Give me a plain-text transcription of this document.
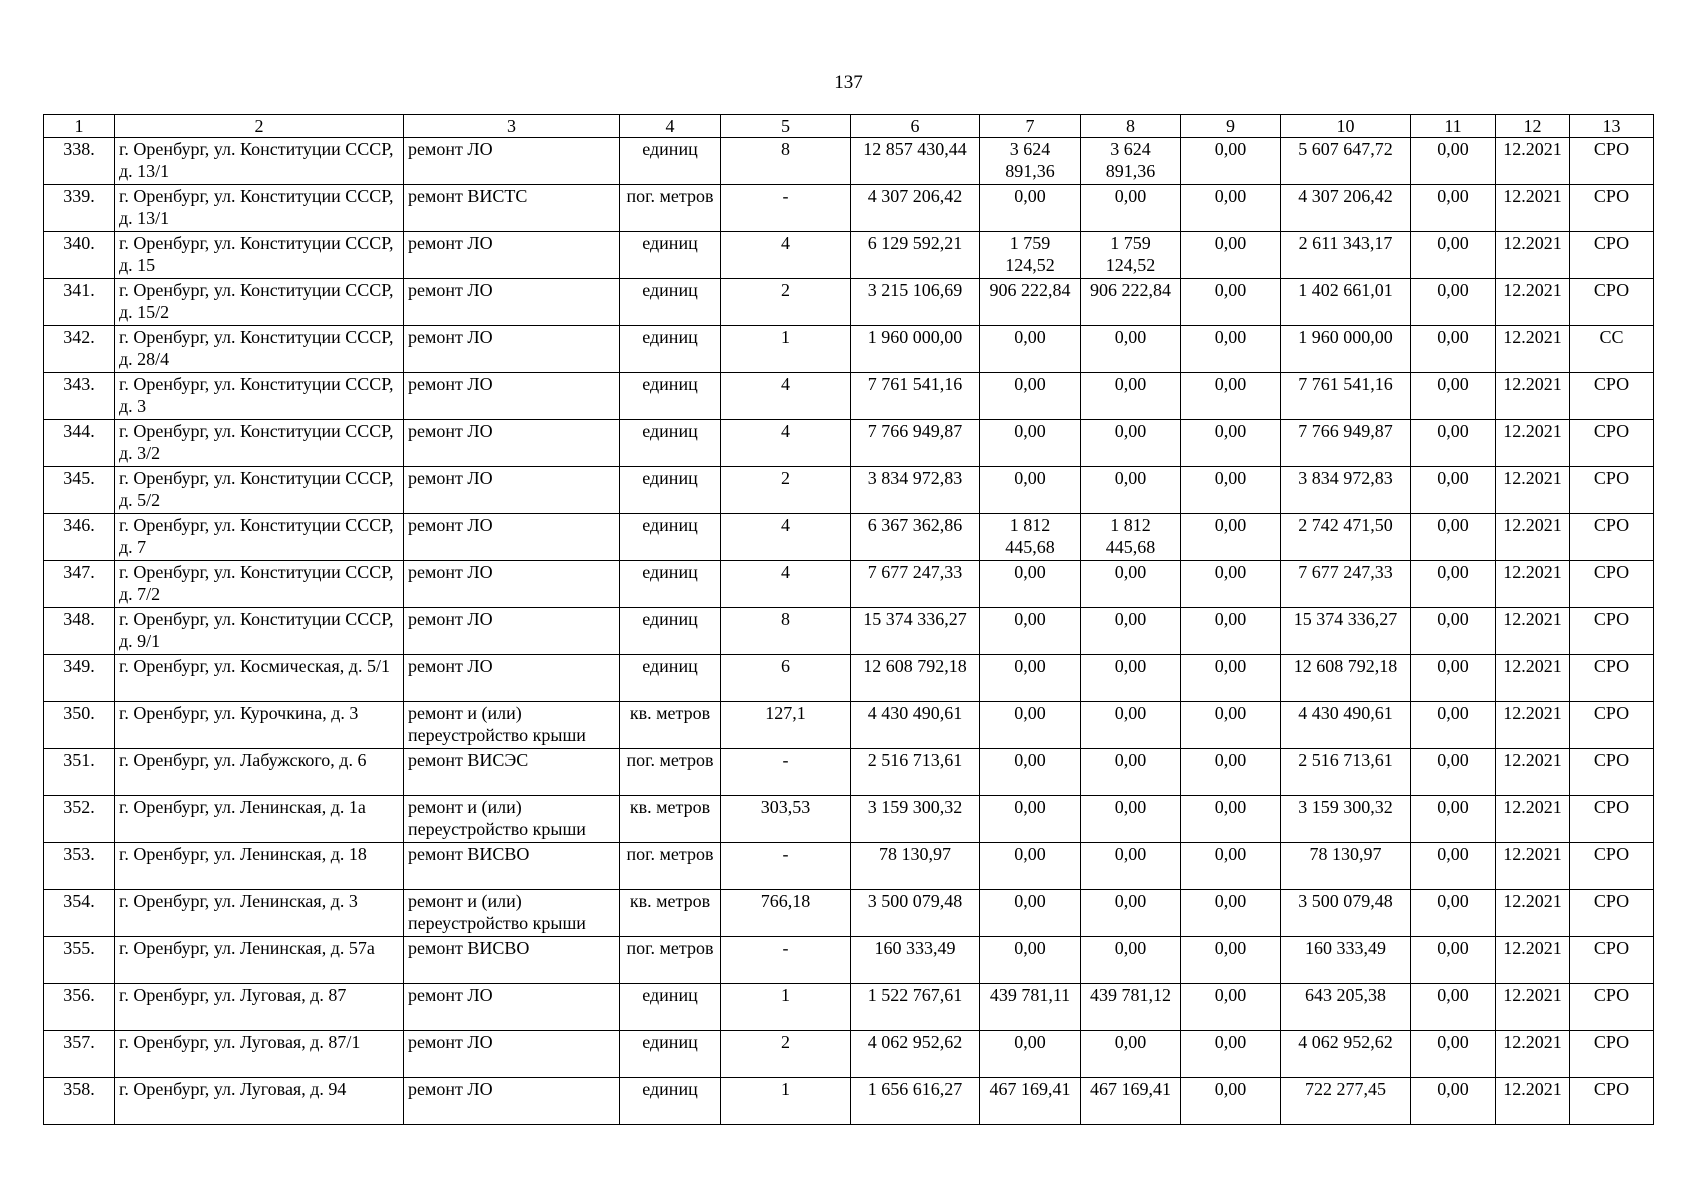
137
1	2	3	4	5	6	7	8	9	10	11	12	13
338.	г. Оренбург, ул. Конституции СССР, д. 13/1	ремонт ЛО	единиц	8	12 857 430,44	3 624 891,36	3 624 891,36	0,00	5 607 647,72	0,00	12.2021	СРО
339.	г. Оренбург, ул. Конституции СССР, д. 13/1	ремонт ВИСТС	пог. метров	-	4 307 206,42	0,00	0,00	0,00	4 307 206,42	0,00	12.2021	СРО
340.	г. Оренбург, ул. Конституции СССР, д. 15	ремонт ЛО	единиц	4	6 129 592,21	1 759 124,52	1 759 124,52	0,00	2 611 343,17	0,00	12.2021	СРО
341.	г. Оренбург, ул. Конституции СССР, д. 15/2	ремонт ЛО	единиц	2	3 215 106,69	906 222,84	906 222,84	0,00	1 402 661,01	0,00	12.2021	СРО
342.	г. Оренбург, ул. Конституции СССР, д. 28/4	ремонт ЛО	единиц	1	1 960 000,00	0,00	0,00	0,00	1 960 000,00	0,00	12.2021	СС
343.	г. Оренбург, ул. Конституции СССР, д. 3	ремонт ЛО	единиц	4	7 761 541,16	0,00	0,00	0,00	7 761 541,16	0,00	12.2021	СРО
344.	г. Оренбург, ул. Конституции СССР, д. 3/2	ремонт ЛО	единиц	4	7 766 949,87	0,00	0,00	0,00	7 766 949,87	0,00	12.2021	СРО
345.	г. Оренбург, ул. Конституции СССР, д. 5/2	ремонт ЛО	единиц	2	3 834 972,83	0,00	0,00	0,00	3 834 972,83	0,00	12.2021	СРО
346.	г. Оренбург, ул. Конституции СССР, д. 7	ремонт ЛО	единиц	4	6 367 362,86	1 812 445,68	1 812 445,68	0,00	2 742 471,50	0,00	12.2021	СРО
347.	г. Оренбург, ул. Конституции СССР, д. 7/2	ремонт ЛО	единиц	4	7 677 247,33	0,00	0,00	0,00	7 677 247,33	0,00	12.2021	СРО
348.	г. Оренбург, ул. Конституции СССР, д. 9/1	ремонт ЛО	единиц	8	15 374 336,27	0,00	0,00	0,00	15 374 336,27	0,00	12.2021	СРО
349.	г. Оренбург, ул. Космическая, д. 5/1	ремонт ЛО	единиц	6	12 608 792,18	0,00	0,00	0,00	12 608 792,18	0,00	12.2021	СРО
350.	г. Оренбург, ул. Курочкина, д. 3	ремонт и (или) переустройство крыши	кв. метров	127,1	4 430 490,61	0,00	0,00	0,00	4 430 490,61	0,00	12.2021	СРО
351.	г. Оренбург, ул. Лабужского, д. 6	ремонт ВИСЭС	пог. метров	-	2 516 713,61	0,00	0,00	0,00	2 516 713,61	0,00	12.2021	СРО
352.	г. Оренбург, ул. Ленинская, д. 1а	ремонт и (или) переустройство крыши	кв. метров	303,53	3 159 300,32	0,00	0,00	0,00	3 159 300,32	0,00	12.2021	СРО
353.	г. Оренбург, ул. Ленинская, д. 18	ремонт ВИСВО	пог. метров	-	78 130,97	0,00	0,00	0,00	78 130,97	0,00	12.2021	СРО
354.	г. Оренбург, ул. Ленинская, д. 3	ремонт и (или) переустройство крыши	кв. метров	766,18	3 500 079,48	0,00	0,00	0,00	3 500 079,48	0,00	12.2021	СРО
355.	г. Оренбург, ул. Ленинская, д. 57а	ремонт ВИСВО	пог. метров	-	160 333,49	0,00	0,00	0,00	160 333,49	0,00	12.2021	СРО
356.	г. Оренбург, ул. Луговая, д. 87	ремонт ЛО	единиц	1	1 522 767,61	439 781,11	439 781,12	0,00	643 205,38	0,00	12.2021	СРО
357.	г. Оренбург, ул. Луговая, д. 87/1	ремонт ЛО	единиц	2	4 062 952,62	0,00	0,00	0,00	4 062 952,62	0,00	12.2021	СРО
358.	г. Оренбург, ул. Луговая, д. 94	ремонт ЛО	единиц	1	1 656 616,27	467 169,41	467 169,41	0,00	722 277,45	0,00	12.2021	СРО
